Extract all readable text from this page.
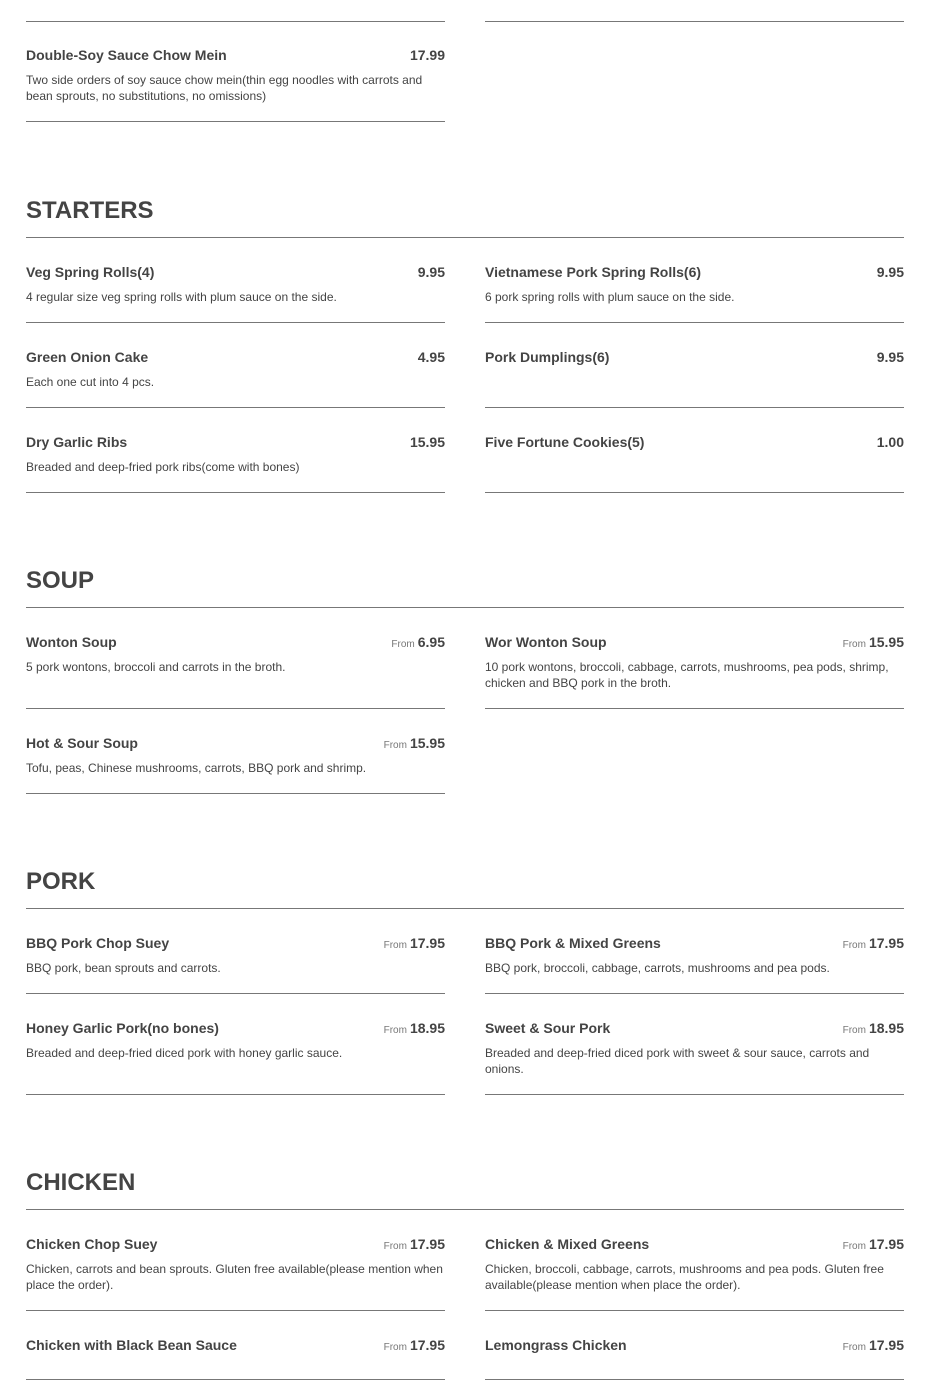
Double-Soy Sauce Chow Mein	17.99
Two side orders of soy sauce chow mein(thin egg noodles with carrots and bean sprouts, no substitutions, no omissions)
STARTERS
Veg Spring Rolls(4)	9.95
4 regular size veg spring rolls with plum sauce on the side.
Vietnamese Pork Spring Rolls(6)	9.95
6 pork spring rolls with plum sauce on the side.
Green Onion Cake	4.95
Each one cut into 4 pcs.
Pork Dumplings(6)	9.95
Dry Garlic Ribs	15.95
Breaded and deep-fried pork ribs(come with bones)
Five Fortune Cookies(5)	1.00
SOUP
Wonton Soup	From 6.95
5 pork wontons, broccoli and carrots in the broth.
Wor Wonton Soup	From 15.95
10 pork wontons, broccoli, cabbage, carrots, mushrooms, pea pods, shrimp, chicken and BBQ pork in the broth.
Hot & Sour Soup	From 15.95
Tofu, peas, Chinese mushrooms, carrots, BBQ pork and shrimp.
PORK
BBQ Pork Chop Suey	From 17.95
BBQ pork, bean sprouts and carrots.
BBQ Pork & Mixed Greens	From 17.95
BBQ pork, broccoli, cabbage, carrots, mushrooms and pea pods.
Honey Garlic Pork(no bones)	From 18.95
Breaded and deep-fried diced pork with honey garlic sauce.
Sweet & Sour Pork	From 18.95
Breaded and deep-fried diced pork with sweet & sour sauce, carrots and onions.
CHICKEN
Chicken Chop Suey	From 17.95
Chicken, carrots and bean sprouts. Gluten free available(please mention when place the order).
Chicken & Mixed Greens	From 17.95
Chicken, broccoli, cabbage, carrots, mushrooms and pea pods. Gluten free available(please mention when place the order).
Chicken with Black Bean Sauce	From 17.95	Lemongrass Chicken	From 17.95
